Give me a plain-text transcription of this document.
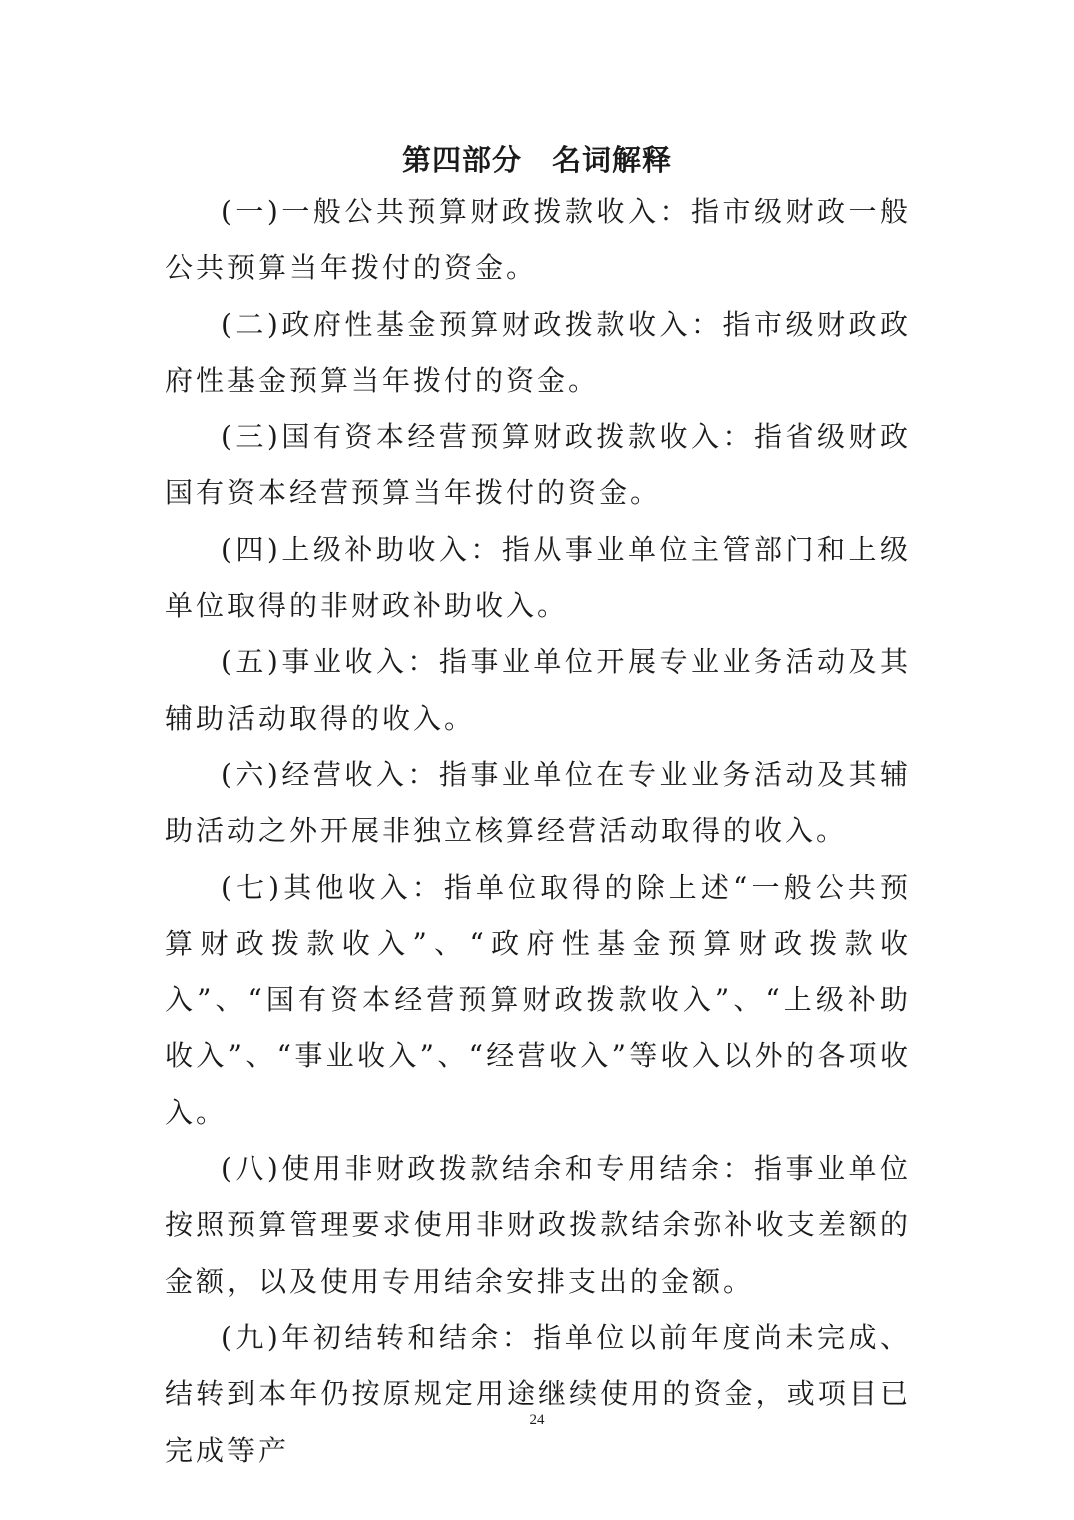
第四部分　名词解释

(一)一般公共预算财政拨款收入：指市级财政一般公共预算当年拨付的资金。

(二)政府性基金预算财政拨款收入：指市级财政政府性基金预算当年拨付的资金。

(三)国有资本经营预算财政拨款收入：指省级财政国有资本经营预算当年拨付的资金。

(四)上级补助收入：指从事业单位主管部门和上级单位取得的非财政补助收入。

(五)事业收入：指事业单位开展专业业务活动及其辅助活动取得的收入。

(六)经营收入：指事业单位在专业业务活动及其辅助活动之外开展非独立核算经营活动取得的收入。

(七)其他收入：指单位取得的除上述“一般公共预算财政拨款收入”、“政府性基金预算财政拨款收入”、“国有资本经营预算财政拨款收入”、“上级补助收入”、“事业收入”、“经营收入”等收入以外的各项收入。

(八)使用非财政拨款结余和专用结余：指事业单位按照预算管理要求使用非财政拨款结余弥补收支差额的金额，以及使用专用结余安排支出的金额。

(九)年初结转和结余：指单位以前年度尚未完成、结转到本年仍按原规定用途继续使用的资金，或项目已完成等产

24
